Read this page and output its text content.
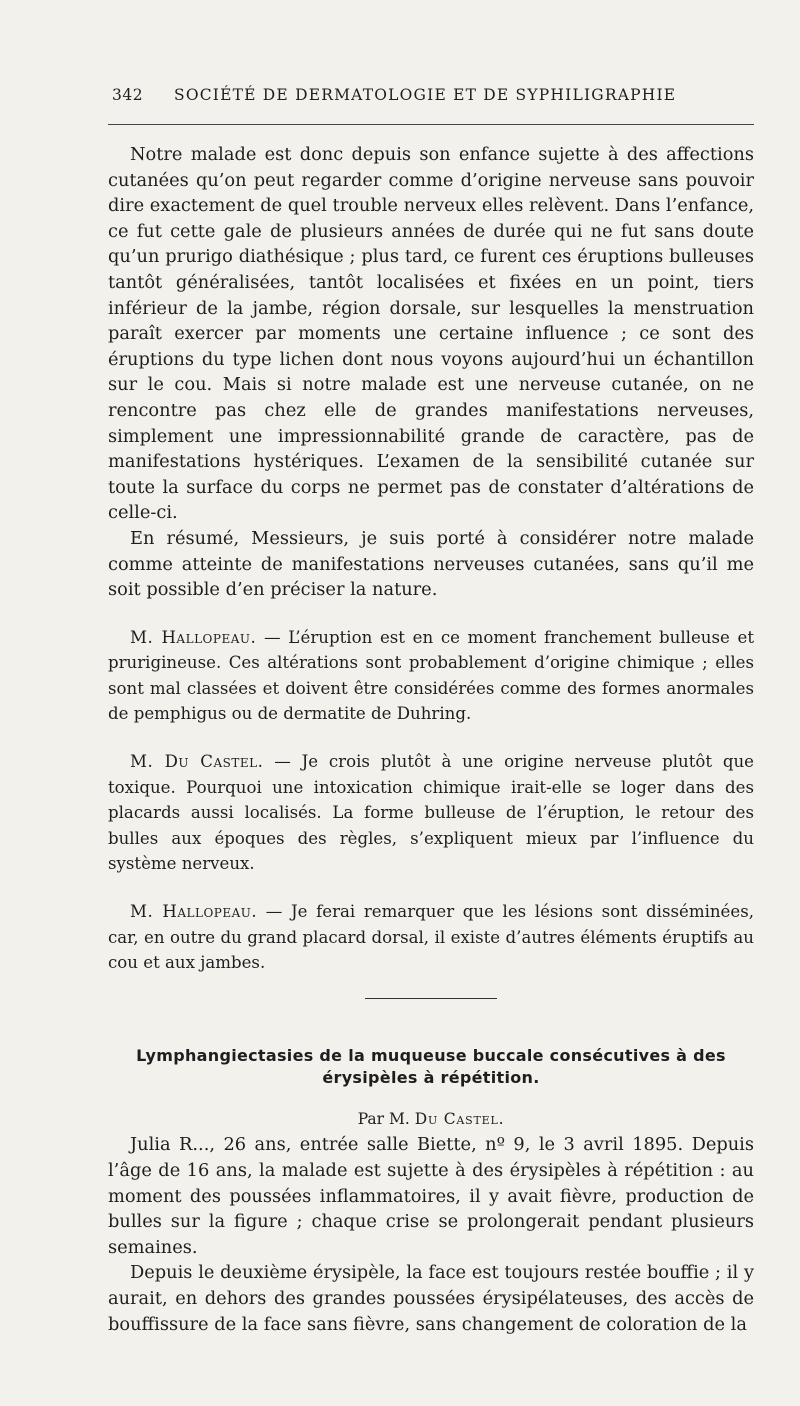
342	SOCIÉTÉ DE DERMATOLOGIE ET DE SYPHILIGRAPHIE

Notre malade est donc depuis son enfance sujette à des affections cutanées qu’on peut regarder comme d’origine nerveuse sans pouvoir dire exactement de quel trouble nerveux elles relèvent. Dans l’enfance, ce fut cette gale de plusieurs années de durée qui ne fut sans doute qu’un prurigo diathésique ; plus tard, ce furent ces éruptions bulleuses tantôt généralisées, tantôt localisées et fixées en un point, tiers inférieur de la jambe, région dorsale, sur lesquelles la menstruation paraît exercer par moments une certaine influence ; ce sont des éruptions du type lichen dont nous voyons aujourd’hui un échantillon sur le cou. Mais si notre malade est une nerveuse cutanée, on ne rencontre pas chez elle de grandes manifestations nerveuses, simplement une impressionnabilité grande de caractère, pas de manifestations hystériques. L’examen de la sensibilité cutanée sur toute la surface du corps ne permet pas de constater d’altérations de celle-ci.

En résumé, Messieurs, je suis porté à considérer notre malade comme atteinte de manifestations nerveuses cutanées, sans qu’il me soit possible d’en préciser la nature.

M. Hallopeau. — L’éruption est en ce moment franchement bulleuse et prurigineuse. Ces altérations sont probablement d’origine chimique ; elles sont mal classées et doivent être considérées comme des formes anormales de pemphigus ou de dermatite de Duhring.

M. Du Castel. — Je crois plutôt à une origine nerveuse plutôt que toxique. Pourquoi une intoxication chimique irait-elle se loger dans des placards aussi localisés. La forme bulleuse de l’éruption, le retour des bulles aux époques des règles, s’expliquent mieux par l’influence du système nerveux.

M. Hallopeau. — Je ferai remarquer que les lésions sont disséminées, car, en outre du grand placard dorsal, il existe d’autres éléments éruptifs au cou et aux jambes.

Lymphangiectasies de la muqueuse buccale consécutives à des
érysipèles à répétition.
Par M. Du Castel.

Julia R..., 26 ans, entrée salle Biette, nº 9, le 3 avril 1895. Depuis l’âge de 16 ans, la malade est sujette à des érysipèles à répétition : au moment des poussées inflammatoires, il y avait fièvre, production de bulles sur la figure ; chaque crise se prolongerait pendant plusieurs semaines.

Depuis le deuxième érysipèle, la face est toujours restée bouffie ; il y aurait, en dehors des grandes poussées érysipélateuses, des accès de bouffissure de la face sans fièvre, sans changement de coloration de la
